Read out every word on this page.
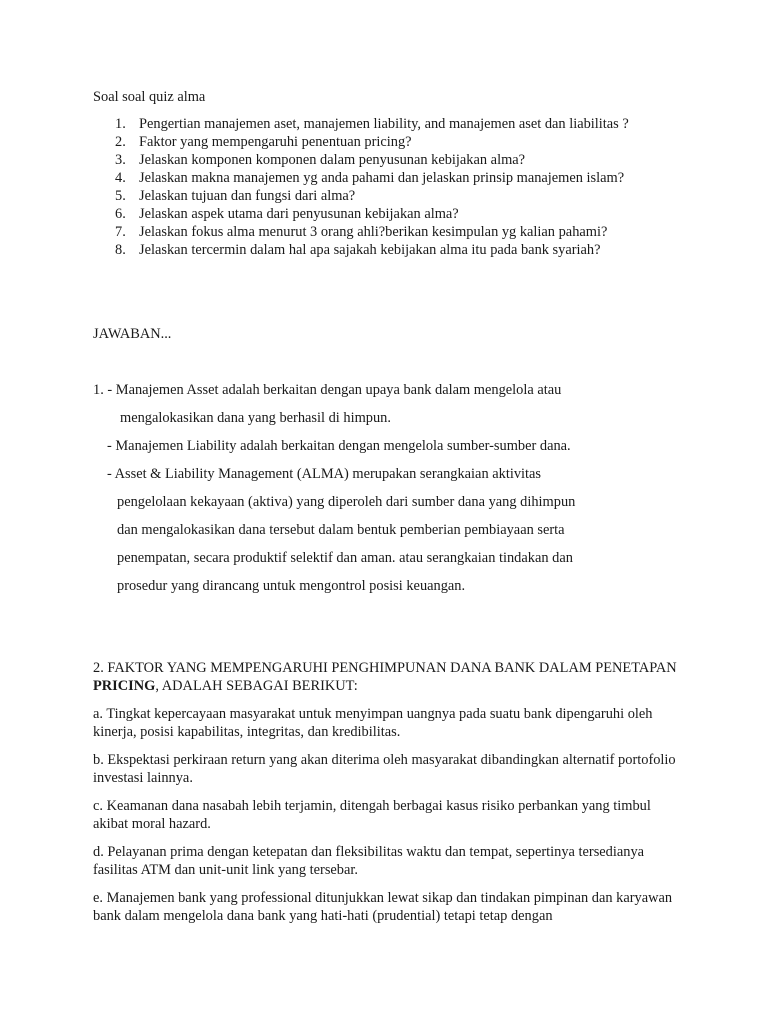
Soal soal quiz alma
1. Pengertian manajemen aset, manajemen liability, and manajemen aset dan liabilitas ?
2. Faktor yang mempengaruhi penentuan pricing?
3. Jelaskan komponen komponen dalam penyusunan kebijakan alma?
4. Jelaskan makna manajemen yg anda pahami dan jelaskan prinsip manajemen islam?
5. Jelaskan tujuan dan fungsi dari alma?
6. Jelaskan aspek utama dari penyusunan kebijakan alma?
7. Jelaskan fokus alma menurut 3 orang ahli?berikan kesimpulan yg kalian pahami?
8. Jelaskan tercermin dalam hal apa sajakah kebijakan alma itu pada bank syariah?
JAWABAN...
1. - Manajemen Asset adalah berkaitan dengan upaya bank dalam mengelola atau
mengalokasikan dana yang berhasil di himpun.
- Manajemen Liability adalah berkaitan dengan mengelola sumber-sumber dana.
- Asset & Liability Management (ALMA) merupakan serangkaian aktivitas
pengelolaan kekayaan (aktiva) yang diperoleh dari sumber dana yang dihimpun
dan mengalokasikan dana tersebut dalam bentuk pemberian pembiayaan serta
penempatan, secara produktif selektif dan aman. atau serangkaian tindakan dan
prosedur yang dirancang untuk mengontrol posisi keuangan.

2. FAKTOR YANG MEMPENGARUHI PENGHIMPUNAN DANA BANK DALAM PENETAPAN PRICING, ADALAH SEBAGAI BERIKUT:

a. Tingkat kepercayaan masyarakat untuk menyimpan uangnya pada suatu bank dipengaruhi oleh kinerja, posisi kapabilitas, integritas, dan kredibilitas.

b. Ekspektasi perkiraan return yang akan diterima oleh masyarakat dibandingkan alternatif portofolio investasi lainnya.

c. Keamanan dana nasabah lebih terjamin, ditengah berbagai kasus risiko perbankan yang timbul akibat moral hazard.

d. Pelayanan prima dengan ketepatan dan fleksibilitas waktu dan tempat, sepertinya tersedianya fasilitas ATM dan unit-unit link yang tersebar.

e. Manajemen bank yang professional ditunjukkan lewat sikap dan tindakan pimpinan dan karyawan bank dalam mengelola dana bank yang hati-hati (prudential) tetapi tetap dengan
